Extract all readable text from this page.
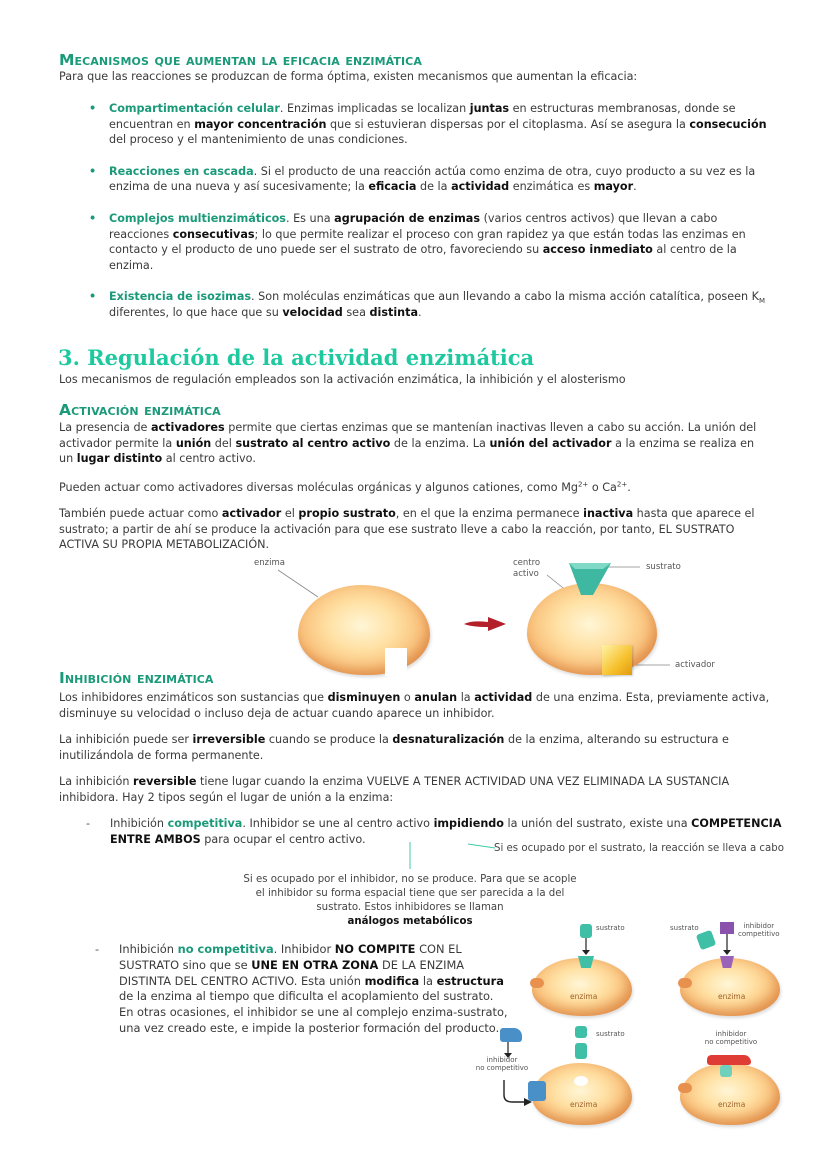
Mecanismos que aumentan la eficacia enzimática
Para que las reacciones se produzcan de forma óptima, existen mecanismos que aumentan la eficacia:
• Compartimentación celular. Enzimas implicadas se localizan juntas en estructuras membranosas, donde se encuentran en mayor concentración que si estuvieran dispersas por el citoplasma. Así se asegura la consecución del proceso y el mantenimiento de unas condiciones.
• Reacciones en cascada. Si el producto de una reacción actúa como enzima de otra, cuyo producto a su vez es la enzima de una nueva y así sucesivamente; la eficacia de la actividad enzimática es mayor.
• Complejos multienzimáticos. Es una agrupación de enzimas (varios centros activos) que llevan a cabo reacciones consecutivas; lo que permite realizar el proceso con gran rapidez ya que están todas las enzimas en contacto y el producto de uno puede ser el sustrato de otro, favoreciendo su acceso inmediato al centro de la enzima.
• Existencia de isozimas. Son moléculas enzimáticas que aun llevando a cabo la misma acción catalítica, poseen $K_M$ diferentes, lo que hace que su velocidad sea distinta.
3. Regulación de la actividad enzimática
Los mecanismos de regulación empleados son la activación enzimática, la inhibición y el alosterismo
Activación enzimática
La presencia de activadores permite que ciertas enzimas que se mantenían inactivas lleven a cabo su acción. La unión del activador permite la unión del sustrato al centro activo de la enzima. La unión del activador a la enzima se realiza en un lugar distinto al centro activo.
Pueden actuar como activadores diversas moléculas orgánicas y algunos cationes, como $Mg^{2+}$ o $Ca^{2+}$.
También puede actuar como activador el propio sustrato, en el que la enzima permanece inactiva hasta que aparece el sustrato; a partir de ahí se produce la activación para que ese sustrato lleve a cabo la reacción, por tanto, EL SUSTRATO ACTIVA SU PROPIA METABOLIZACIÓN.
enzima	centro
activo
sustrato
activador
Inhibición enzimática
Los inhibidores enzimáticos son sustancias que disminuyen o anulan la actividad de una enzima. Esta, previamente activa, disminuye su velocidad o incluso deja de actuar cuando aparece un inhibidor.
La inhibición puede ser irreversible cuando se produce la desnaturalización de la enzima, alterando su estructura e inutilizándola de forma permanente.
La inhibición reversible tiene lugar cuando la enzima VUELVE A TENER ACTIVIDAD UNA VEZ ELIMINADA LA SUSTANCIA inhibidora. Hay 2 tipos según el lugar de unión a la enzima:
- Inhibición competitiva. Inhibidor se une al centro activo impidiendo la unión del sustrato, existe una COMPETENCIA ENTRE AMBOS para ocupar el centro activo.
Si es ocupado por el sustrato, la reacción se lleva a cabo
Si es ocupado por el inhibidor, no se produce. Para que se acople el inhibidor su forma espacial tiene que ser parecida a la del sustrato. Estos inhibidores se llaman
análogos metabólicos
- Inhibición no competitiva. Inhibidor NO COMPITE CON EL SUSTRATO sino que se UNE EN OTRA ZONA DE LA ENZIMA DISTINTA DEL CENTRO ACTIVO. Esta unión modifica la estructura de la enzima al tiempo que dificulta el acoplamiento del sustrato. En otras ocasiones, el inhibidor se une al complejo enzima-sustrato, una vez creado este, e impide la posterior formación del producto.
sustrato
enzima
sustrato	inhibidor
competitivo
enzima
inhibidor
no competitivo
sustrato
enzima
inhibidor
no competitivo
enzima
